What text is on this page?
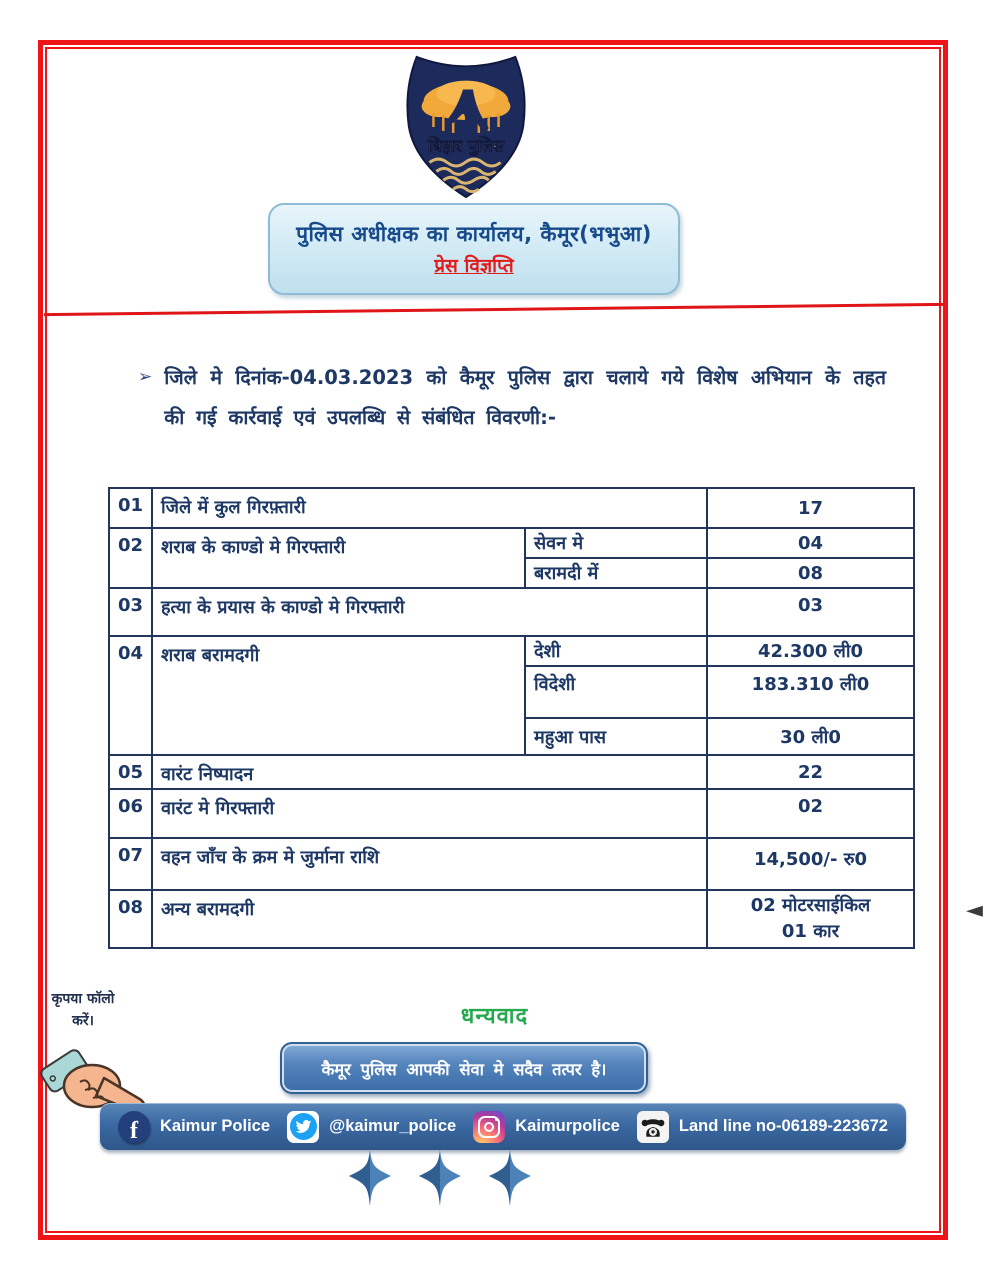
बिहार पुलिस
पुलिस अधीक्षक का कार्यालय, कैमूर(भभुआ)
प्रेस विज्ञप्ति
➢ जिले मे दिनांक-04.03.2023 को कैमूर पुलिस द्वारा चलाये गये विशेष अभियान के तहत की गई कार्रवाई एवं उपलब्धि से संबंधित विवरणी:-
01	जिले में कुल गिरफ़्तारी		17
02	शराब के काण्डो मे गिरफ्तारी	सेवन मे	04
		बरामदी में	08
03	हत्या के प्रयास के काण्डो मे गिरफ्तारी		03
04	शराब बरामदगी	देशी	42.300 ली0
		विदेशी	183.310 ली0
		महुआ पास	30 ली0
05	वारंट निष्पादन		22
06	वारंट मे गिरफ्तारी		02
07	वहन जाँच के क्रम मे जुर्माना राशि		14,500/- रु0
08	अन्य बरामदगी		02 मोटरसाईकिल
01 कार
धन्यवाद
कैमूर पुलिस आपकी सेवा मे सदैव तत्पर है।
कृपया फॉलो
करें।
f	Kaimur Police	@kaimur_police	Kaimurpolice	Land line no-06189-223672
◄
